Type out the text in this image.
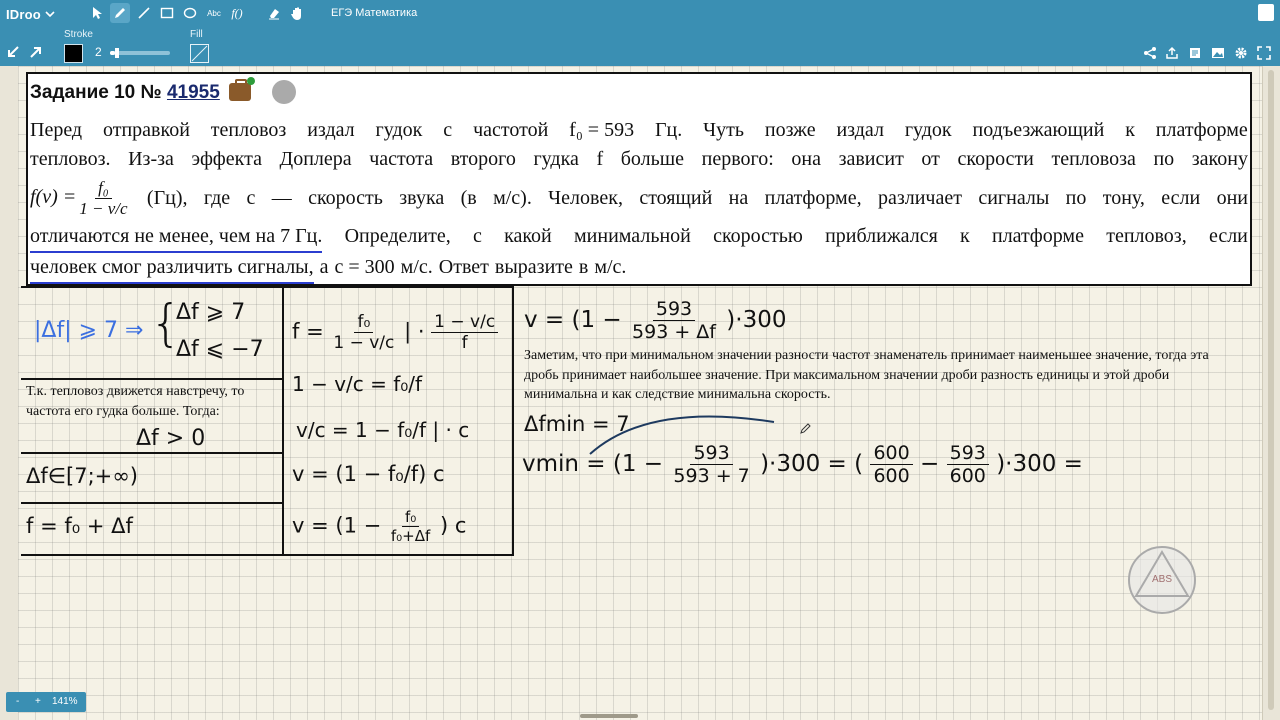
IDroo	Abc f()	ЕГЭ Математика
Stroke
2
Fill
Задание 10 № 41955

Перед отправкой тепловоз издал гудок с частотой f₀ = 593 Гц. Чуть позже издал гудок подъезжающий к платформе
тепловоз. Из-за эффекта Доплера частота второго гудка f больше первого: она зависит от скорости тепловоза по закону
$f(v) = \frac{\text{f₀}}{1 - v/c} (Гц)$, где c — скорость звука (в м/с). Человек, стоящий на платформе, различает сигналы по тону, если они
отличаются не менее, чем на 7 Гц. Определите, с какой минимальной скоростью приближался к платформе тепловоз, если
человек смог различить сигналы, а c = 300 м/с. Ответ выразите в м/с.
|Δf| ⩾ 7 ⇒ {
Δf ⩾ 7
Δf ⩽ −7
Т.к. тепловоз движется навстречу, то частота его гудка больше. Тогда:
Δf > 0
Δf∈[7;+∞)
f = f₀ + Δf
$f = \frac{\text{f₀}}{1 - v/c}$ | · $\frac{1 - v/c}{f}$
1 − v/c = f₀/f
v/c = 1 − f₀/f | · c
v = (1 − f₀/f) c
$v = (1 - \frac{\text{f₀}}{\text{f₀+Δf}}$ ) c
$v = (1 - \frac{593}{593 + \Delta f} )\cdot 300$
Заметим, что при минимальном значении разности частот знаменатель принимает наименьшее значение, тогда эта дробь принимает наибольшее значение. При максимальном значении дроби разность единицы и этой дроби минимальна и как следствие минимальна скорость.
Δfmin = 7
$vmin = (1 - \frac{593}{593 + 7} )\cdot 300$ = ( $\frac{600}{600} - \frac{593}{600} )\cdot 300$ =
ABS
- + 141%
